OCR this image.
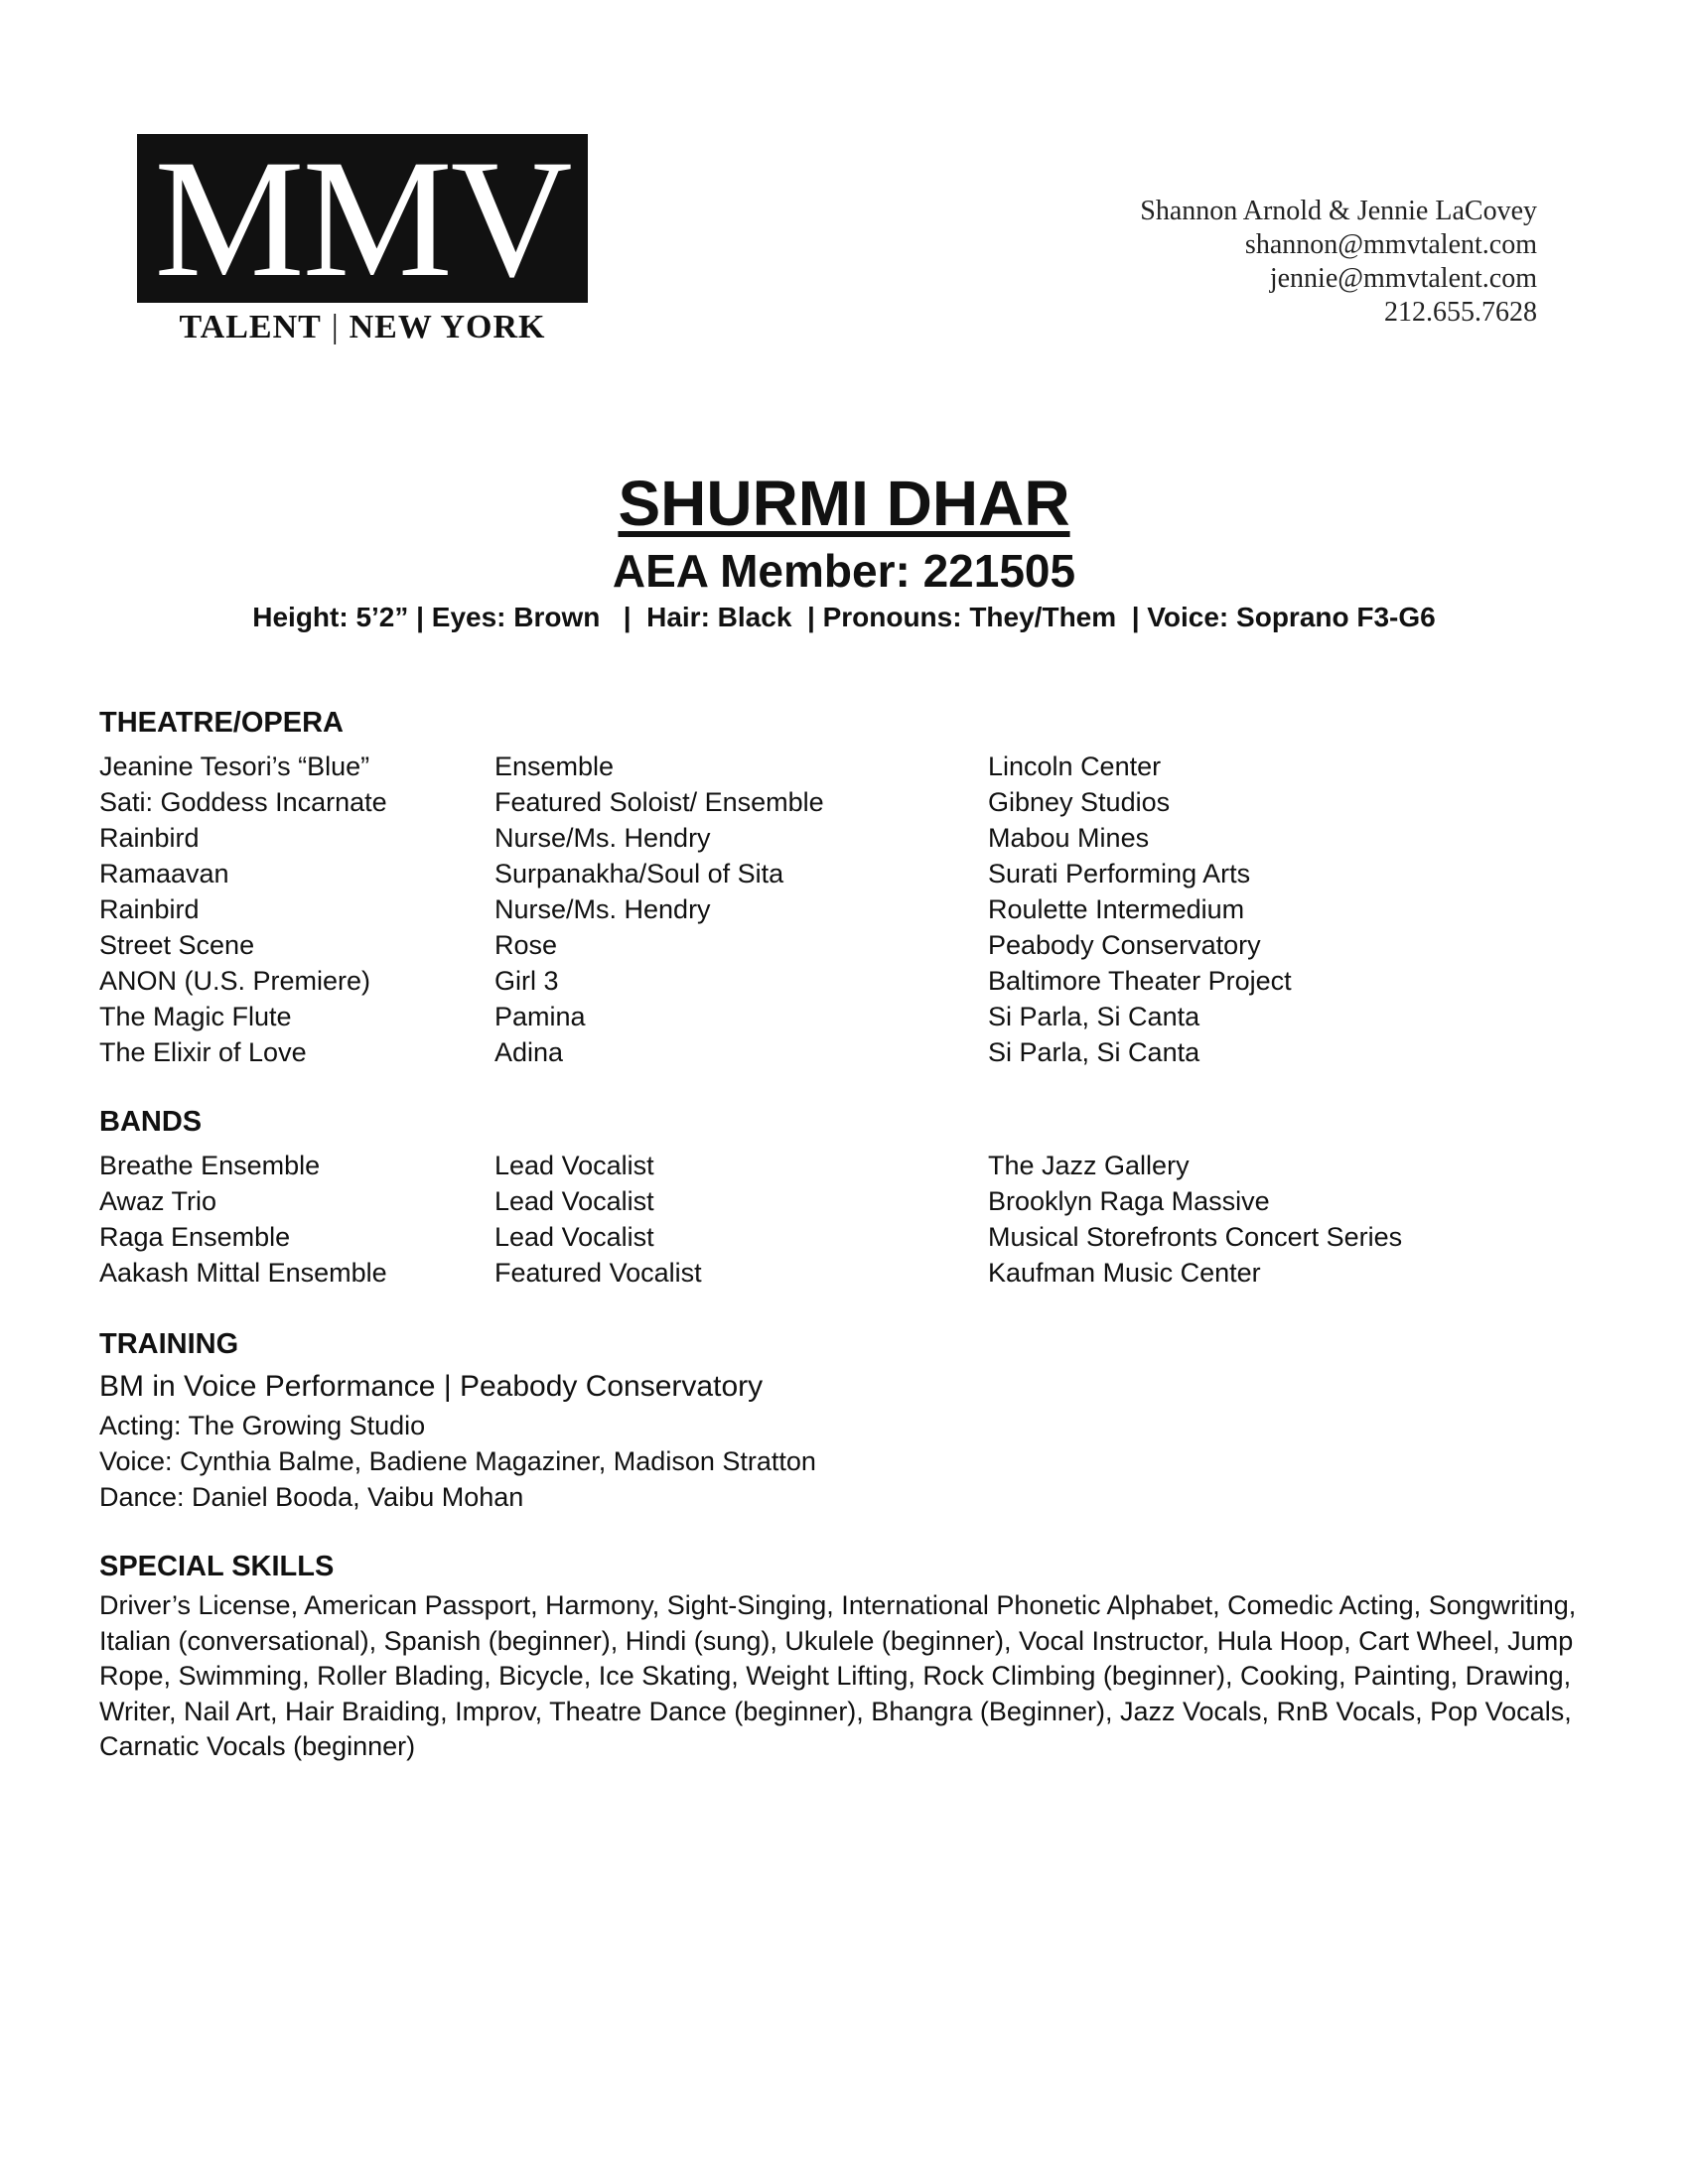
MMV
TALENT | NEW YORK
Shannon Arnold & Jennie LaCovey
shannon@mmvtalent.com
jennie@mmvtalent.com
212.655.7628
SHURMI DHAR
AEA Member: 221505
Height: 5’2” | Eyes: Brown   |  Hair: Black  | Pronouns: They/Them  | Voice: Soprano F3-G6
THEATRE/OPERA
Jeanine Tesori’s “Blue”	Ensemble	Lincoln Center
Sati: Goddess Incarnate	Featured Soloist/ Ensemble	Gibney Studios
Rainbird	Nurse/Ms. Hendry	Mabou Mines
Ramaavan	Surpanakha/Soul of Sita	Surati Performing Arts
Rainbird	Nurse/Ms. Hendry	Roulette Intermedium
Street Scene	Rose	Peabody Conservatory
ANON (U.S. Premiere)	Girl 3	Baltimore Theater Project
The Magic Flute	Pamina	Si Parla, Si Canta
The Elixir of Love	Adina	Si Parla, Si Canta
BANDS
Breathe Ensemble	Lead Vocalist	The Jazz Gallery
Awaz Trio	Lead Vocalist	Brooklyn Raga Massive
Raga Ensemble	Lead Vocalist	Musical Storefronts Concert Series
Aakash Mittal Ensemble	Featured Vocalist	Kaufman Music Center
TRAINING
BM in Voice Performance | Peabody Conservatory
Acting: The Growing Studio
Voice: Cynthia Balme, Badiene Magaziner, Madison Stratton
Dance: Daniel Booda, Vaibu Mohan
SPECIAL SKILLS
Driver’s License, American Passport, Harmony, Sight-Singing, International Phonetic Alphabet, Comedic Acting, Songwriting, Italian (conversational), Spanish (beginner), Hindi (sung), Ukulele (beginner), Vocal Instructor, Hula Hoop, Cart Wheel, Jump Rope, Swimming, Roller Blading, Bicycle, Ice Skating, Weight Lifting, Rock Climbing (beginner), Cooking, Painting, Drawing, Writer, Nail Art, Hair Braiding, Improv, Theatre Dance (beginner), Bhangra (Beginner), Jazz Vocals, RnB Vocals, Pop Vocals, Carnatic Vocals (beginner)
